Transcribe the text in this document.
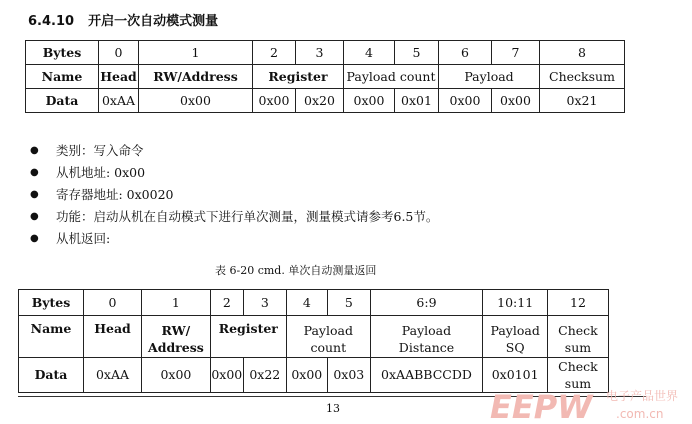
6.4.10 开启一次自动模式测量
Bytes	0	1	2	3	4	5	6	7	8
Name	Head	RW/Address	Register		Payload count		Payload		Checksum
Data	0xAA	0x00	0x00	0x20	0x00	0x01	0x00	0x00	0x21
● 类别：写入命令
● 从机地址: 0x00
● 寄存器地址: 0x0020
● 功能：启动从机在自动模式下进行单次测量，测量模式请参考6.5节。
● 从机返回:
表 6-20 cmd. 单次自动测量返回
Bytes	0	1	2	3	4	5	6:9	10:11	12
Name	Head	RW/ Address	Register		Payload count		Payload Distance	Payload SQ	Check sum
Data	0xAA	0x00	0x00	0x22	0x00	0x03	0xAABBCCDD	0x0101	Check sum
13	EEPW 电子产品世界
.com.cn
